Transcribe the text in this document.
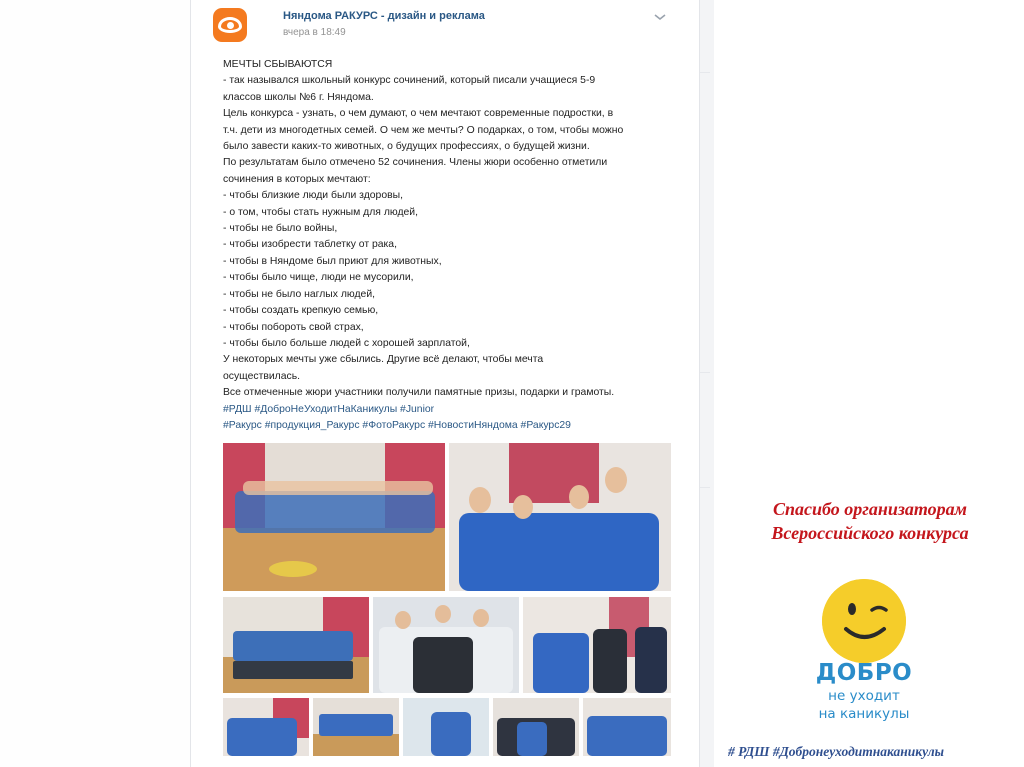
Няндома РАКУРС - дизайн и реклама
вчера в 18:49
МЕЧТЫ СБЫВАЮТСЯ
- так назывался школьный конкурс сочинений, который писали учащиеся 5-9
классов школы №6 г. Няндома.
Цель конкурса - узнать, о чем думают, о чем мечтают современные подростки, в
т.ч. дети из многодетных семей. О чем же мечты? О подарках, о том, чтобы можно
было завести каких-то животных, о будущих профессиях, о будущей жизни.
По результатам было отмечено 52 сочинения. Члены жюри особенно отметили
сочинения в которых мечтают:
- чтобы близкие люди были здоровы,
- о том, чтобы стать нужным для людей,
- чтобы не было войны,
- чтобы изобрести таблетку от рака,
- чтобы в Няндоме был приют для животных,
- чтобы было чище, люди не мусорили,
- чтобы не было наглых людей,
- чтобы создать крепкую семью,
- чтобы побороть свой страх,
- чтобы было больше людей с хорошей зарплатой,
У некоторых мечты уже сбылись. Другие всё делают, чтобы мечта
осуществилась.
Все отмеченные жюри участники получили памятные призы, подарки и грамоты.
#РДШ #ДоброНеУходитНаКаникулы #Junior
#Ракурс #продукция_Ракурс #ФотоРакурс #НовостиНяндома #Ракурс29
Спасибо организаторам
Всероссийского конкурса
ДОБРО
не уходит
на каникулы
# РДШ #Добронеуходитнаканикулы
